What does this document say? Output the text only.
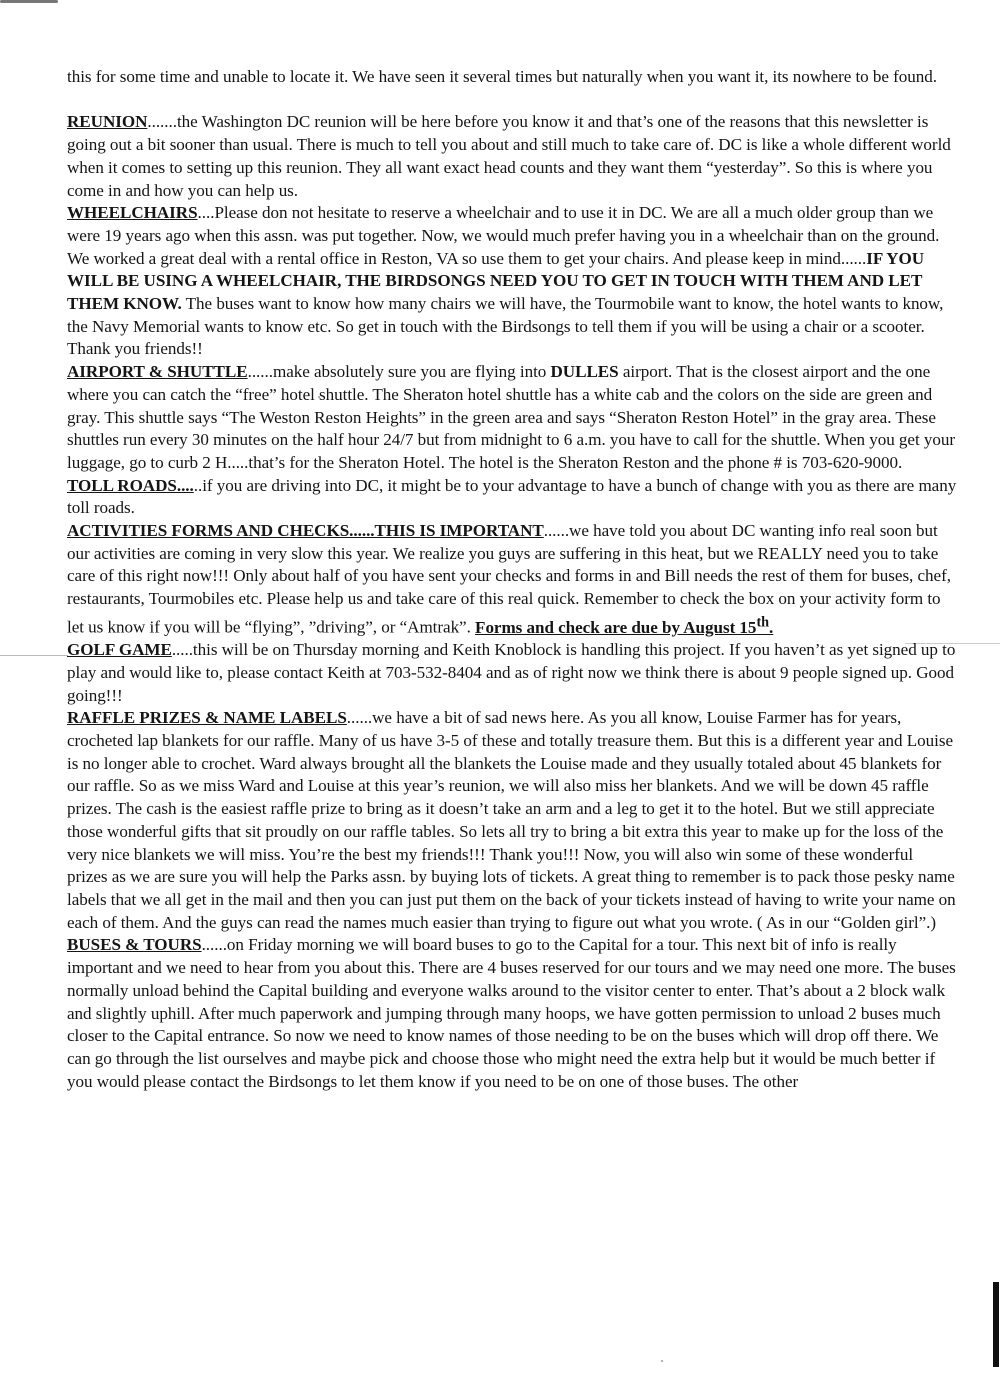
this for some time and unable to locate it. We have seen it several times but naturally when you want it, its nowhere to be found.

REUNION.......the Washington DC reunion will be here before you know it and that’s one of the reasons that this newsletter is going out a bit sooner than usual. There is much to tell you about and still much to take care of. DC is like a whole different world when it comes to setting up this reunion. They all want exact head counts and they want them “yesterday”. So this is where you come in and how you can help us.

WHEELCHAIRS....Please don not hesitate to reserve a wheelchair and to use it in DC. We are all a much older group than we were 19 years ago when this assn. was put together. Now, we would much prefer having you in a wheelchair than on the ground. We worked a great deal with a rental office in Reston, VA so use them to get your chairs. And please keep in mind......IF YOU WILL BE USING A WHEELCHAIR, THE BIRDSONGS NEED YOU TO GET IN TOUCH WITH THEM AND LET THEM KNOW. The buses want to know how many chairs we will have, the Tourmobile want to know, the hotel wants to know, the Navy Memorial wants to know etc. So get in touch with the Birdsongs to tell them if you will be using a chair or a scooter. Thank you friends!!

AIRPORT & SHUTTLE......make absolutely sure you are flying into DULLES airport. That is the closest airport and the one where you can catch the “free” hotel shuttle. The Sheraton hotel shuttle has a white cab and the colors on the side are green and gray. This shuttle says “The Weston Reston Heights” in the green area and says “Sheraton Reston Hotel” in the gray area. These shuttles run every 30 minutes on the half hour 24/7 but from midnight to 6 a.m. you have to call for the shuttle. When you get your luggage, go to curb 2 H.....that’s for the Sheraton Hotel. The hotel is the Sheraton Reston and the phone # is 703-620-9000.

TOLL ROADS......if you are driving into DC, it might be to your advantage to have a bunch of change with you as there are many toll roads.

ACTIVITIES FORMS AND CHECKS......THIS IS IMPORTANT......we have told you about DC wanting info real soon but our activities are coming in very slow this year. We realize you guys are suffering in this heat, but we REALLY need you to take care of this right now!!! Only about half of you have sent your checks and forms in and Bill needs the rest of them for buses, chef, restaurants, Tourmobiles etc. Please help us and take care of this real quick. Remember to check the box on your activity form to let us know if you will be “flying”, ”driving”, or “Amtrak”. Forms and check are due by August 15th.

GOLF GAME.....this will be on Thursday morning and Keith Knoblock is handling this project. If you haven’t as yet signed up to play and would like to, please contact Keith at 703-532-8404 and as of right now we think there is about 9 people signed up. Good going!!!

RAFFLE PRIZES & NAME LABELS......we have a bit of sad news here. As you all know, Louise Farmer has for years, crocheted lap blankets for our raffle. Many of us have 3-5 of these and totally treasure them. But this is a different year and Louise is no longer able to crochet. Ward always brought all the blankets the Louise made and they usually totaled about 45 blankets for our raffle. So as we miss Ward and Louise at this year’s reunion, we will also miss her blankets. And we will be down 45 raffle prizes. The cash is the easiest raffle prize to bring as it doesn’t take an arm and a leg to get it to the hotel. But we still appreciate those wonderful gifts that sit proudly on our raffle tables. So lets all try to bring a bit extra this year to make up for the loss of the very nice blankets we will miss. You’re the best my friends!!! Thank you!!! Now, you will also win some of these wonderful prizes as we are sure you will help the Parks assn. by buying lots of tickets. A great thing to remember is to pack those pesky name labels that we all get in the mail and then you can just put them on the back of your tickets instead of having to write your name on each of them. And the guys can read the names much easier than trying to figure out what you wrote. ( As in our “Golden girl”.)

BUSES & TOURS......on Friday morning we will board buses to go to the Capital for a tour. This next bit of info is really important and we need to hear from you about this. There are 4 buses reserved for our tours and we may need one more. The buses normally unload behind the Capital building and everyone walks around to the visitor center to enter. That’s about a 2 block walk and slightly uphill. After much paperwork and jumping through many hoops, we have gotten permission to unload 2 buses much closer to the Capital entrance. So now we need to know names of those needing to be on the buses which will drop off there. We can go through the list ourselves and maybe pick and choose those who might need the extra help but it would be much better if you would please contact the Birdsongs to let them know if you need to be on one of those buses. The other
